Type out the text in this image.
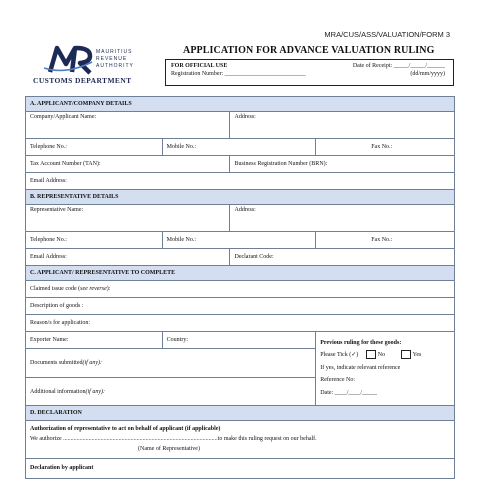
MRA/CUS/ASS/VALUATION/FORM 3
MAURITIUS
REVENUE
AUTHORITY
CUSTOMS DEPARTMENT
APPLICATION FOR ADVANCE VALUATION RULING
FOR OFFICIAL USE
Registration Number: ___________________________
Date of Receipt: _____/_____/______
(dd/mm/yyyy)
A. APPLICANT/COMPANY DETAILS			
Company/Applicant Name:		Address:	
Telephone No.:	Mobile No.:		Fax No.:
Tax Account Number (TAN):		Business Registration Number (BRN):	
Email Address:			
B. REPRESENTATIVE DETAILS			
Representative Name:		Address:	
Telephone No.:	Mobile No.:		Fax No.:
Email Address:		Declarant Code:	
C. APPLICANT/ REPRESENTATIVE TO COMPLETE			
Claimed issue code (see reverse):			
Description of goods :			
Reason/s for application:			
Exporter Name:	Country:		Previous ruling for these goods:
Please Tick (✓) No Yes
If yes, indicate relevant reference
Reference No:
Date: ____/____/_____

Documents submitted(if any):			
Additional information(if any):			
D. DECLARATION			

Authorization of representative to act on behalf of applicant (if applicable)
We authorize .......................................................................................................to make this ruling request on our behalf.
(Name of Representative)			

Declaration by applicant			
